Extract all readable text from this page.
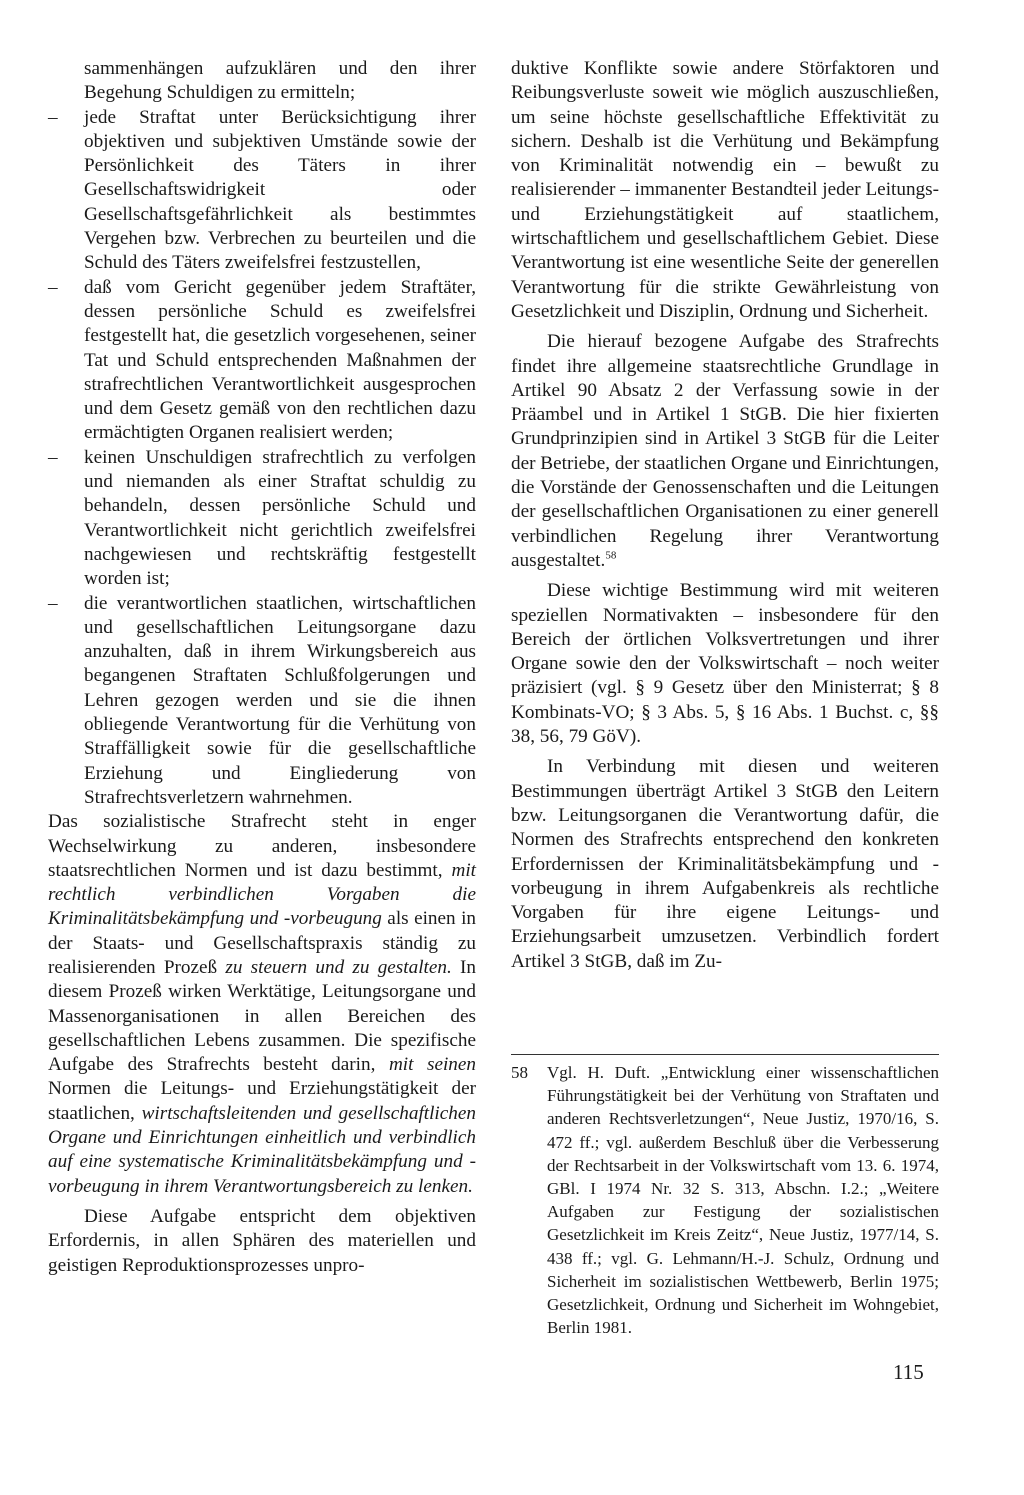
sammenhängen aufzuklären und den ihrer Begehung Schuldigen zu ermitteln;

–	jede Straftat unter Berücksichtigung ihrer objektiven und subjektiven Umstände sowie der Persönlichkeit des Täters in ihrer Gesellschaftswidrigkeit oder Gesellschaftsgefährlichkeit als bestimmtes Vergehen bzw. Verbrechen zu beurteilen und die Schuld des Täters zweifelsfrei festzustellen,

–	daß vom Gericht gegenüber jedem Straftäter, dessen persönliche Schuld es zweifelsfrei festgestellt hat, die gesetzlich vorgesehenen, seiner Tat und Schuld entsprechenden Maßnahmen der strafrechtlichen Verantwortlichkeit ausgesprochen und dem Gesetz gemäß von den rechtlichen dazu ermächtigten Organen realisiert werden;

–	keinen Unschuldigen strafrechtlich zu verfolgen und niemanden als einer Straftat schuldig zu behandeln, dessen persönliche Schuld und Verantwortlichkeit nicht gerichtlich zweifelsfrei nachgewiesen und rechtskräftig festgestellt worden ist;

–	die verantwortlichen staatlichen, wirtschaftlichen und gesellschaftlichen Leitungsorgane dazu anzuhalten, daß in ihrem Wirkungsbereich aus begangenen Straftaten Schlußfolgerungen und Lehren gezogen werden und sie die ihnen obliegende Verantwortung für die Verhütung von Straffälligkeit sowie für die gesellschaftliche Erziehung und Eingliederung von Strafrechtsverletzern wahrnehmen.

Das sozialistische Strafrecht steht in enger Wechselwirkung zu anderen, insbesondere staatsrechtlichen Normen und ist dazu bestimmt, mit rechtlich verbindlichen Vorgaben die Kriminalitätsbekämpfung und -vorbeugung als einen in der Staats- und Gesellschaftspraxis ständig zu realisierenden Prozeß zu steuern und zu gestalten. In diesem Prozeß wirken Werktätige, Leitungsorgane und Massenorganisationen in allen Bereichen des gesellschaftlichen Lebens zusammen. Die spezifische Aufgabe des Strafrechts besteht darin, mit seinen Normen die Leitungs- und Erziehungstätigkeit der staatlichen, wirtschaftsleitenden und gesellschaftlichen Organe und Einrichtungen einheitlich und verbindlich auf eine systematische Kriminalitätsbekämpfung und -vorbeugung in ihrem Verantwortungsbereich zu lenken.

Diese Aufgabe entspricht dem objektiven Erfordernis, in allen Sphären des materiellen und geistigen Reproduktionsprozesses unpro-

duktive Konflikte sowie andere Störfaktoren und Reibungsverluste soweit wie möglich auszuschließen, um seine höchste gesellschaftliche Effektivität zu sichern. Deshalb ist die Verhütung und Bekämpfung von Kriminalität notwendig ein – bewußt zu realisierender – immanenter Bestandteil jeder Leitungs- und Erziehungstätigkeit auf staatlichem, wirtschaftlichem und gesellschaftlichem Gebiet. Diese Verantwortung ist eine wesentliche Seite der generellen Verantwortung für die strikte Gewährleistung von Gesetzlichkeit und Disziplin, Ordnung und Sicherheit.

Die hierauf bezogene Aufgabe des Strafrechts findet ihre allgemeine staatsrechtliche Grundlage in Artikel 90 Absatz 2 der Verfassung sowie in der Präambel und in Artikel 1 StGB. Die hier fixierten Grundprinzipien sind in Artikel 3 StGB für die Leiter der Betriebe, der staatlichen Organe und Einrichtungen, die Vorstände der Genossenschaften und die Leitungen der gesellschaftlichen Organisationen zu einer generell verbindlichen Regelung ihrer Verantwortung ausgestaltet.$^{58}$

Diese wichtige Bestimmung wird mit weiteren speziellen Normativakten – insbesondere für den Bereich der örtlichen Volksvertretungen und ihrer Organe sowie den der Volkswirtschaft – noch weiter präzisiert (vgl. § 9 Gesetz über den Ministerrat; § 8 Kombinats-VO; § 3 Abs. 5, § 16 Abs. 1 Buchst. c, §§ 38, 56, 79 GöV).

In Verbindung mit diesen und weiteren Bestimmungen überträgt Artikel 3 StGB den Leitern bzw. Leitungsorganen die Verantwortung dafür, die Normen des Strafrechts entsprechend den konkreten Erfordernissen der Kriminalitätsbekämpfung und -vorbeugung in ihrem Aufgabenkreis als rechtliche Vorgaben für ihre eigene Leitungs- und Erziehungsarbeit umzusetzen. Verbindlich fordert Artikel 3 StGB, daß im Zu-

58	Vgl. H. Duft. „Entwicklung einer wissenschaftlichen Führungstätigkeit bei der Verhütung von Straftaten und anderen Rechtsverletzungen“, Neue Justiz, 1970/16, S. 472 ff.; vgl. außerdem Beschluß über die Verbesserung der Rechtsarbeit in der Volkswirtschaft vom 13. 6. 1974, GBl. I 1974 Nr. 32 S. 313, Abschn. I.2.; „Weitere Aufgaben zur Festigung der sozialistischen Gesetzlichkeit im Kreis Zeitz“, Neue Justiz, 1977/14, S. 438 ff.; vgl. G. Lehmann/H.-J. Schulz, Ordnung und Sicherheit im sozialistischen Wettbewerb, Berlin 1975; Gesetzlichkeit, Ordnung und Sicherheit im Wohngebiet, Berlin 1981.
115
